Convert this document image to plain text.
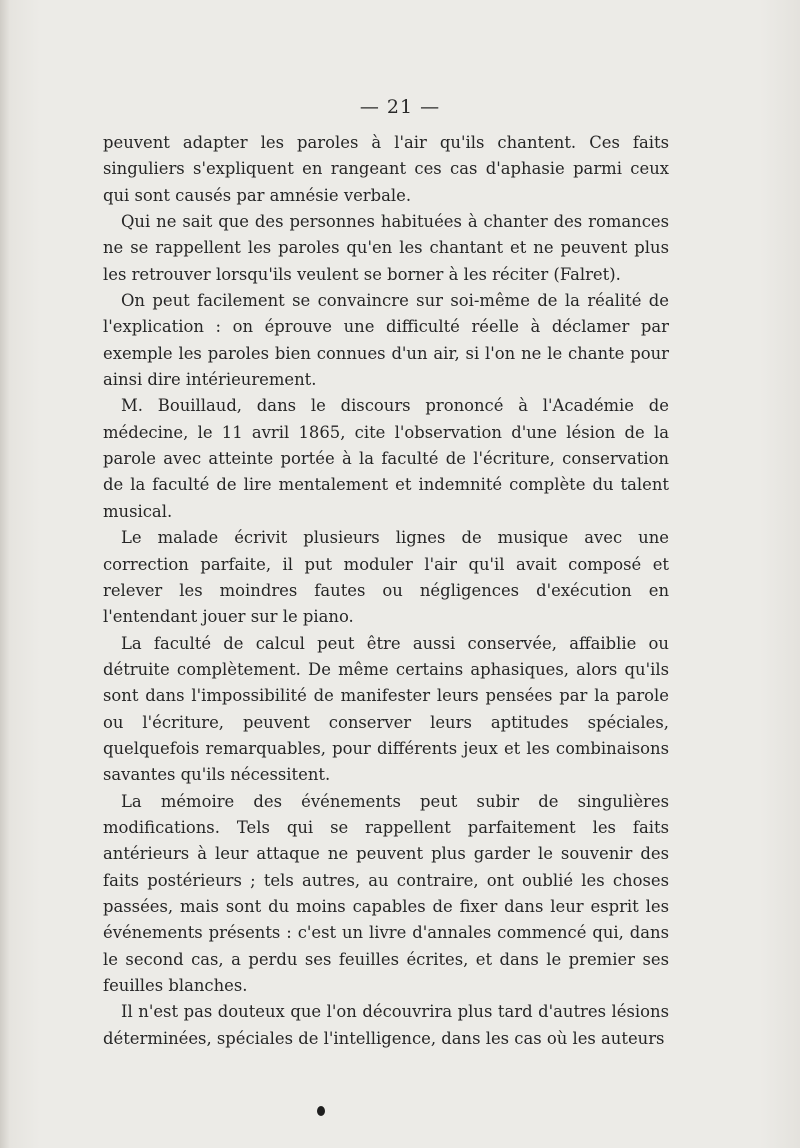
— 21 —

peuvent adapter les paroles à l'air qu'ils chantent. Ces faits singuliers s'expliquent en rangeant ces cas d'aphasie parmi ceux qui sont causés par amnésie verbale.

Qui ne sait que des personnes habituées à chanter des romances ne se rappellent les paroles qu'en les chantant et ne peuvent plus les retrouver lorsqu'ils veulent se borner à les réciter (Falret).

On peut facilement se convaincre sur soi-même de la réalité de l'explication : on éprouve une difficulté réelle à déclamer par exemple les paroles bien connues d'un air, si l'on ne le chante pour ainsi dire intérieurement.

M. Bouillaud, dans le discours prononcé à l'Académie de médecine, le 11 avril 1865, cite l'observation d'une lésion de la parole avec atteinte portée à la faculté de l'écriture, conservation de la faculté de lire mentalement et indemnité complète du talent musical.

Le malade écrivit plusieurs lignes de musique avec une correction parfaite, il put moduler l'air qu'il avait composé et relever les moindres fautes ou négligences d'exécution en l'entendant jouer sur le piano.

La faculté de calcul peut être aussi conservée, affaiblie ou détruite complètement. De même certains aphasiques, alors qu'ils sont dans l'impossibilité de manifester leurs pensées par la parole ou l'écriture, peuvent conserver leurs aptitudes spéciales, quelquefois remarquables, pour différents jeux et les combinaisons savantes qu'ils nécessitent.

La mémoire des événements peut subir de singulières modifications. Tels qui se rappellent parfaitement les faits antérieurs à leur attaque ne peuvent plus garder le souvenir des faits postérieurs ; tels autres, au contraire, ont oublié les choses passées, mais sont du moins capables de fixer dans leur esprit les événements présents : c'est un livre d'annales commencé qui, dans le second cas, a perdu ses feuilles écrites, et dans le premier ses feuilles blanches.

Il n'est pas douteux que l'on découvrira plus tard d'autres lésions déterminées, spéciales de l'intelligence, dans les cas où les auteurs
